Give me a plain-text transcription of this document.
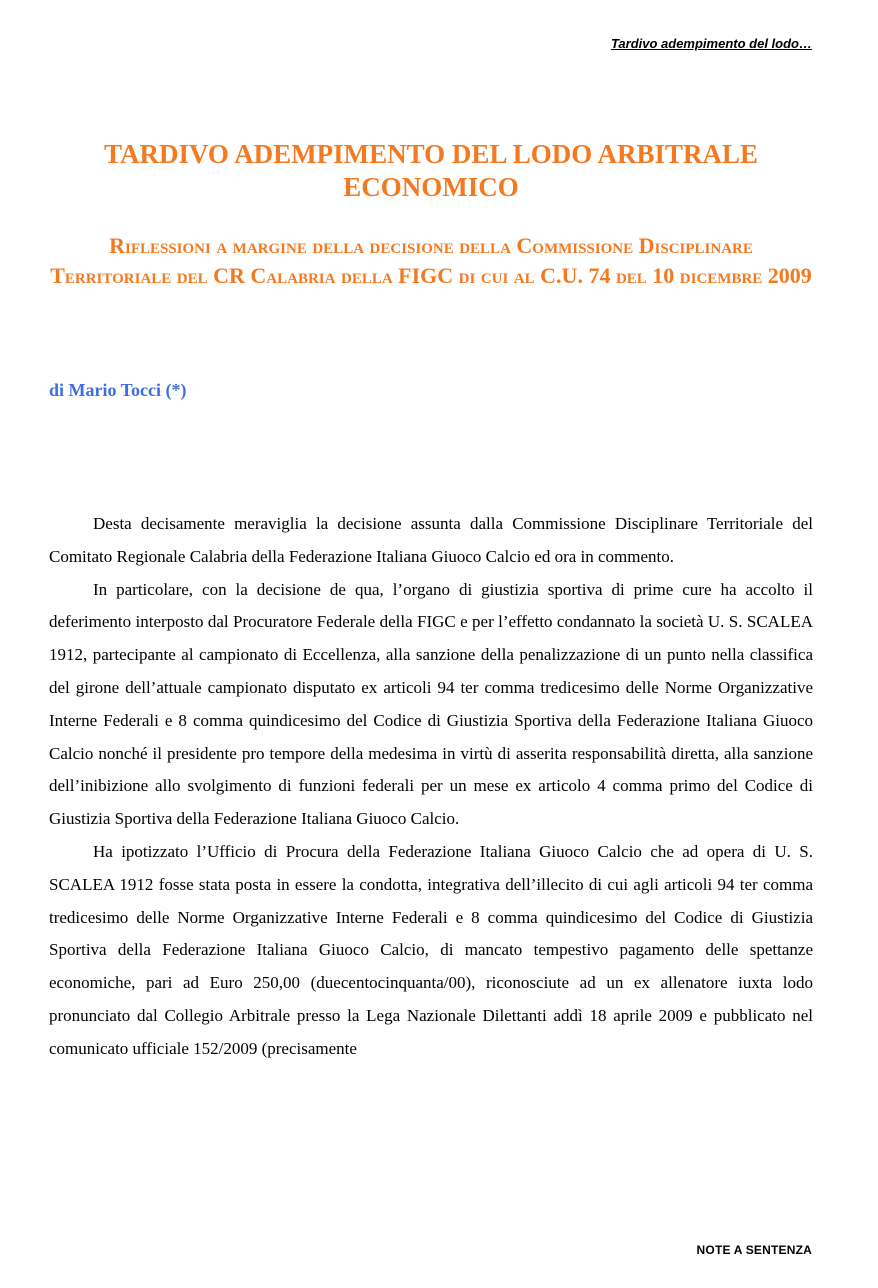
Tardivo adempimento del lodo…
TARDIVO ADEMPIMENTO DEL LODO ARBITRALE ECONOMICO
Riflessioni a margine della decisione della Commissione Disciplinare Territoriale del CR Calabria della FIGC di cui al C.U. 74 del 10 dicembre 2009
di Mario Tocci (*)

Desta decisamente meraviglia la decisione assunta dalla Commissione Disciplinare Territoriale del Comitato Regionale Calabria della Federazione Italiana Giuoco Calcio ed ora in commento.

In particolare, con la decisione de qua, l’organo di giustizia sportiva di prime cure ha accolto il deferimento interposto dal Procuratore Federale della FIGC e per l’effetto condannato la società U. S. SCALEA 1912, partecipante al campionato di Eccellenza, alla sanzione della penalizzazione di un punto nella classifica del girone dell’attuale campionato disputato ex articoli 94 ter comma tredicesimo delle Norme Organizzative Interne Federali e 8 comma quindicesimo del Codice di Giustizia Sportiva della Federazione Italiana Giuoco Calcio nonché il presidente pro tempore della medesima in virtù di asserita responsabilità diretta, alla sanzione dell’inibizione allo svolgimento di funzioni federali per un mese ex articolo 4 comma primo del Codice di Giustizia Sportiva della Federazione Italiana Giuoco Calcio.

Ha ipotizzato l’Ufficio di Procura della Federazione Italiana Giuoco Calcio che ad opera di U. S. SCALEA 1912 fosse stata posta in essere la condotta, integrativa dell’illecito di cui agli articoli 94 ter comma tredicesimo delle Norme Organizzative Interne Federali e 8 comma quindicesimo del Codice di Giustizia Sportiva della Federazione Italiana Giuoco Calcio, di mancato tempestivo pagamento delle spettanze economiche, pari ad Euro 250,00 (duecentocinquanta/00), riconosciute ad un ex allenatore iuxta lodo pronunciato dal Collegio Arbitrale presso la Lega Nazionale Dilettanti addì 18 aprile 2009 e pubblicato nel comunicato ufficiale 152/2009 (precisamente

NOTE A SENTENZA
